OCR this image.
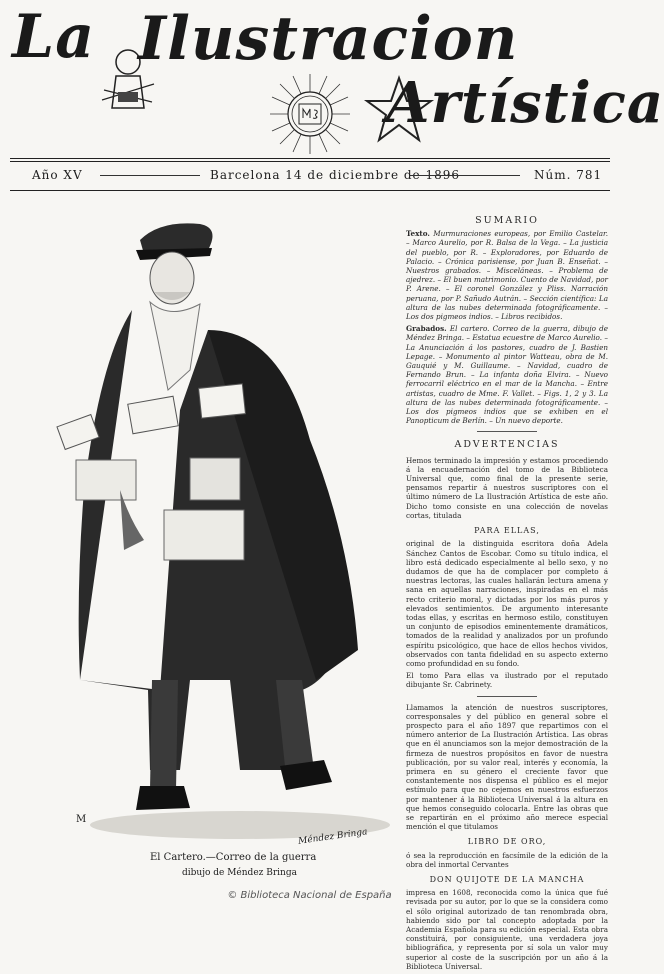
La Ilustracion
Artística
Año XV	Barcelona 14 de diciembre de 1896	Núm. 781
M
Méndez Bringa
El Cartero.—Correo de la guerra
dibujo de Méndez Bringa
SUMARIO

Texto. Murmuraciones europeas, por Emilio Castelar. – Marco Aurelio, por R. Balsa de la Vega. – La justicia del pueblo, por R. – Exploradores, por Eduardo de Palacio. – Crónica parisiense, por Juan B. Enseñat. – Nuestros grabados. – Misceláneas. – Problema de ajedrez. – El buen matrimonio. Cuento de Navidad, por P. Arene. – El coronel González y Pliss. Narración peruana, por P. Sañudo Autrán. – Sección científica: La altura de las nubes determinada fotográficamente. – Los dos pigmeos indios. – Libros recibidos.

Grabados. El cartero. Correo de la guerra, dibujo de Méndez Bringa. – Estatua ecuestre de Marco Aurelio. – La Anunciación á los pastores, cuadro de J. Bastien Lepage. – Monumento al pintor Watteau, obra de M. Gauquié y M. Guillaume. – Navidad, cuadro de Fernando Brun. – La infanta doña Elvira. – Nuevo ferrocarril eléctrico en el mar de la Mancha. – Entre artistas, cuadro de Mme. F. Vallet. – Figs. 1, 2 y 3. La altura de las nubes determinada fotográficamente. – Los dos pigmeos indios que se exhiben en el Panopticum de Berlín. – Un nuevo deporte.

ADVERTENCIAS

Hemos terminado la impresión y estamos procediendo á la encuadernación del tomo de la Biblioteca Universal que, como final de la presente serie, pensamos repartir á nuestros suscriptores con el último número de La Ilustración Artística de este año. Dicho tomo consiste en una colección de novelas cortas, titulada

PARA ELLAS,

original de la distinguida escritora doña Adela Sánchez Cantos de Escobar. Como su título indica, el libro está dedicado especialmente al bello sexo, y no dudamos de que ha de complacer por completo á nuestras lectoras, las cuales hallarán lectura amena y sana en aquellas narraciones, inspiradas en el más recto criterio moral, y dictadas por los más puros y elevados sentimientos. De argumento interesante todas ellas, y escritas en hermoso estilo, constituyen un conjunto de episodios eminentemente dramáticos, tomados de la realidad y analizados por un profundo espíritu psicológico, que hace de ellos hechos vividos, observados con tanta fidelidad en su aspecto externo como profundidad en su fondo.

El tomo Para ellas va ilustrado por el reputado dibujante Sr. Cabrinety.

Llamamos la atención de nuestros suscriptores, corresponsales y del público en general sobre el prospecto para el año 1897 que repartimos con el número anterior de La Ilustración Artística. Las obras que en él anunciamos son la mejor demostración de la firmeza de nuestros propósitos en favor de nuestra publicación, por su valor real, interés y economía, la primera en su género el creciente favor que constantemente nos dispensa el público es el mejor estímulo para que no cejemos en nuestros esfuerzos por mantener á la Biblioteca Universal á la altura en que hemos conseguido colocarla. Entre las obras que se repartirán en el próximo año merece especial mención el que titulamos

LIBRO DE ORO,

ó sea la reproducción en facsímile de la edición de la obra del inmortal Cervantes

DON QUIJOTE DE LA MANCHA

impresa en 1608, reconocida como la única que fué revisada por su autor, por lo que se la considera como el sólo original autorizado de tan renombrada obra, habiendo sido por tal concepto adoptada por la Academia Española para su edición especial. Esta obra constituirá, por consiguiente, una verdadera joya bibliográfica, y representa por sí sola un valor muy superior al coste de la suscripción por un año á la Biblioteca Universal.

© Biblioteca Nacional de España
